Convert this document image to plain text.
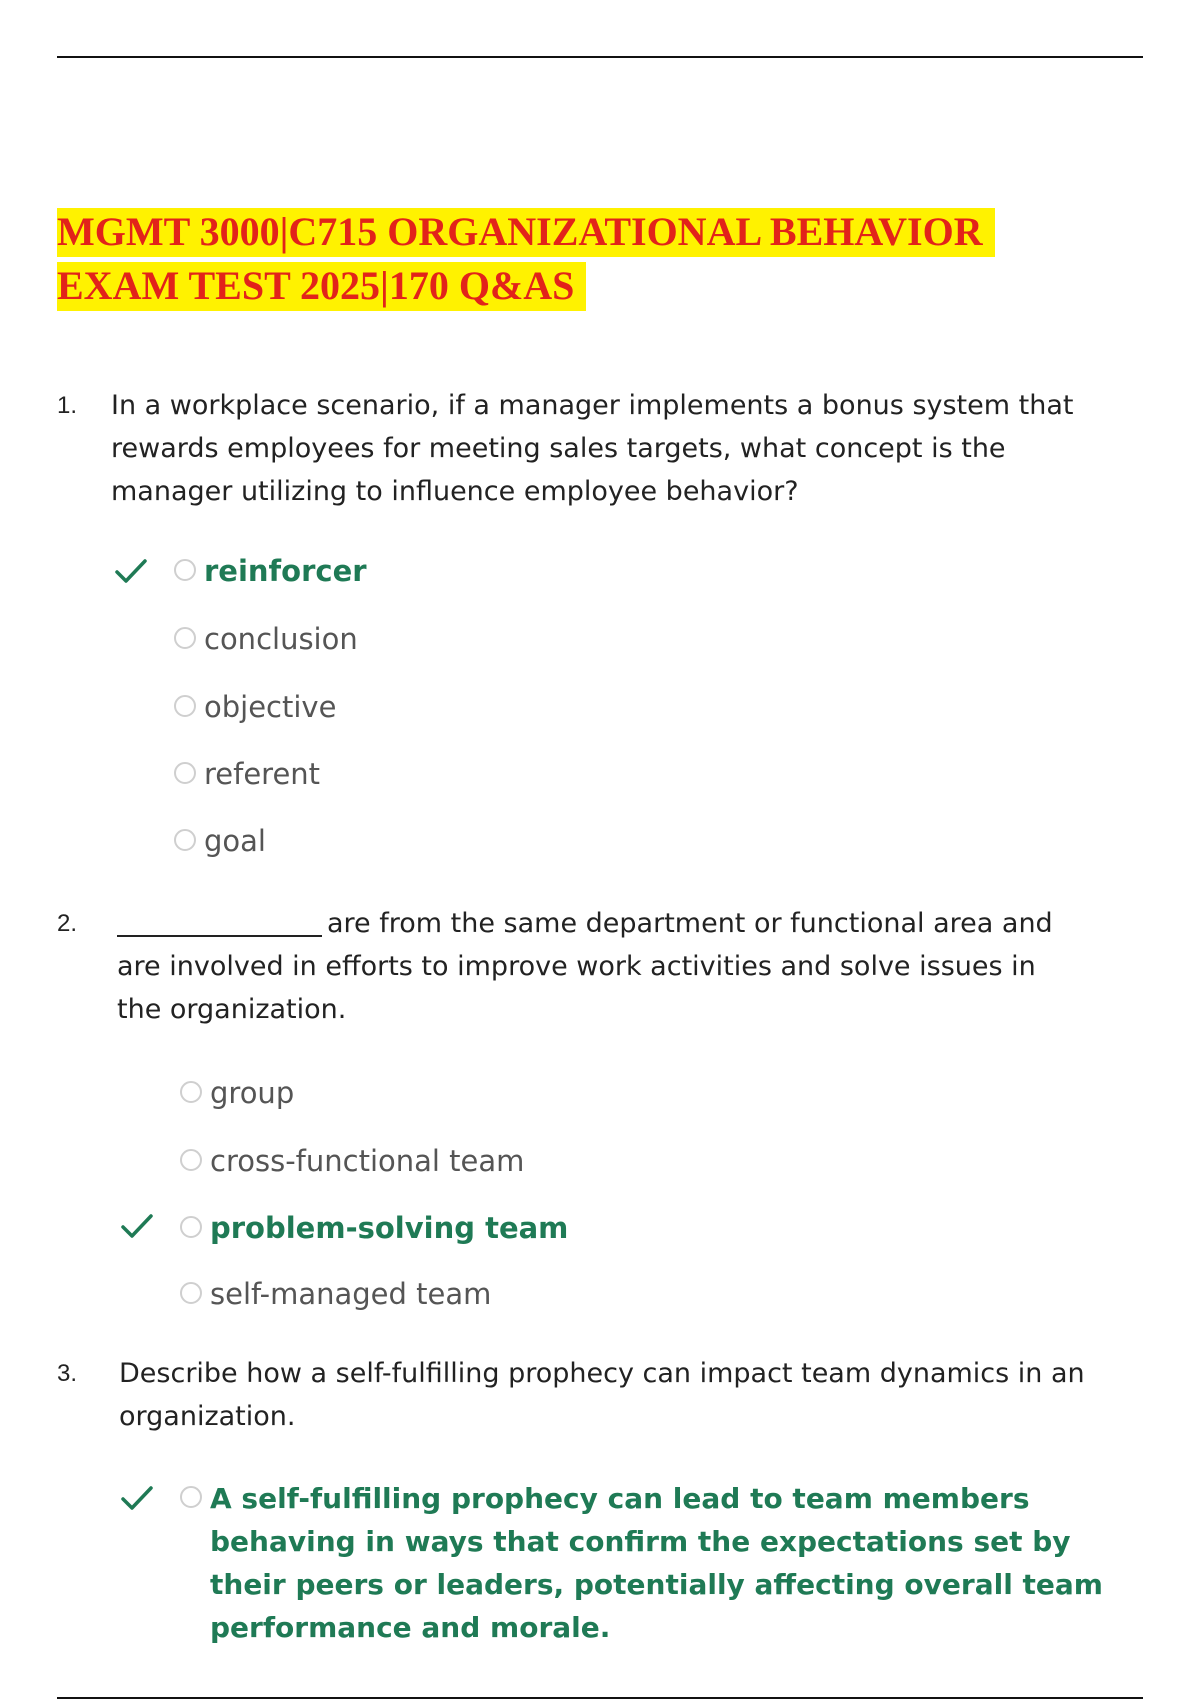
MGMT 3000|C715 ORGANIZATIONAL BEHAVIOR
EXAM TEST 2025|170 Q&AS
1. In a workplace scenario, if a manager implements a bonus system that rewards employees for meeting sales targets, what concept is the manager utilizing to influence employee behavior?

reinforcer
conclusion
objective
referent
goal
2.	are from the same department or functional area and are involved in efforts to improve work activities and solve issues in the organization.

group
cross-functional team
problem-solving team
self-managed team
3. Describe how a self-fulfilling prophecy can impact team dynamics in an organization.

A self-fulfilling prophecy can lead to team members behaving in ways that confirm the expectations set by their peers or leaders, potentially affecting overall team performance and morale.
